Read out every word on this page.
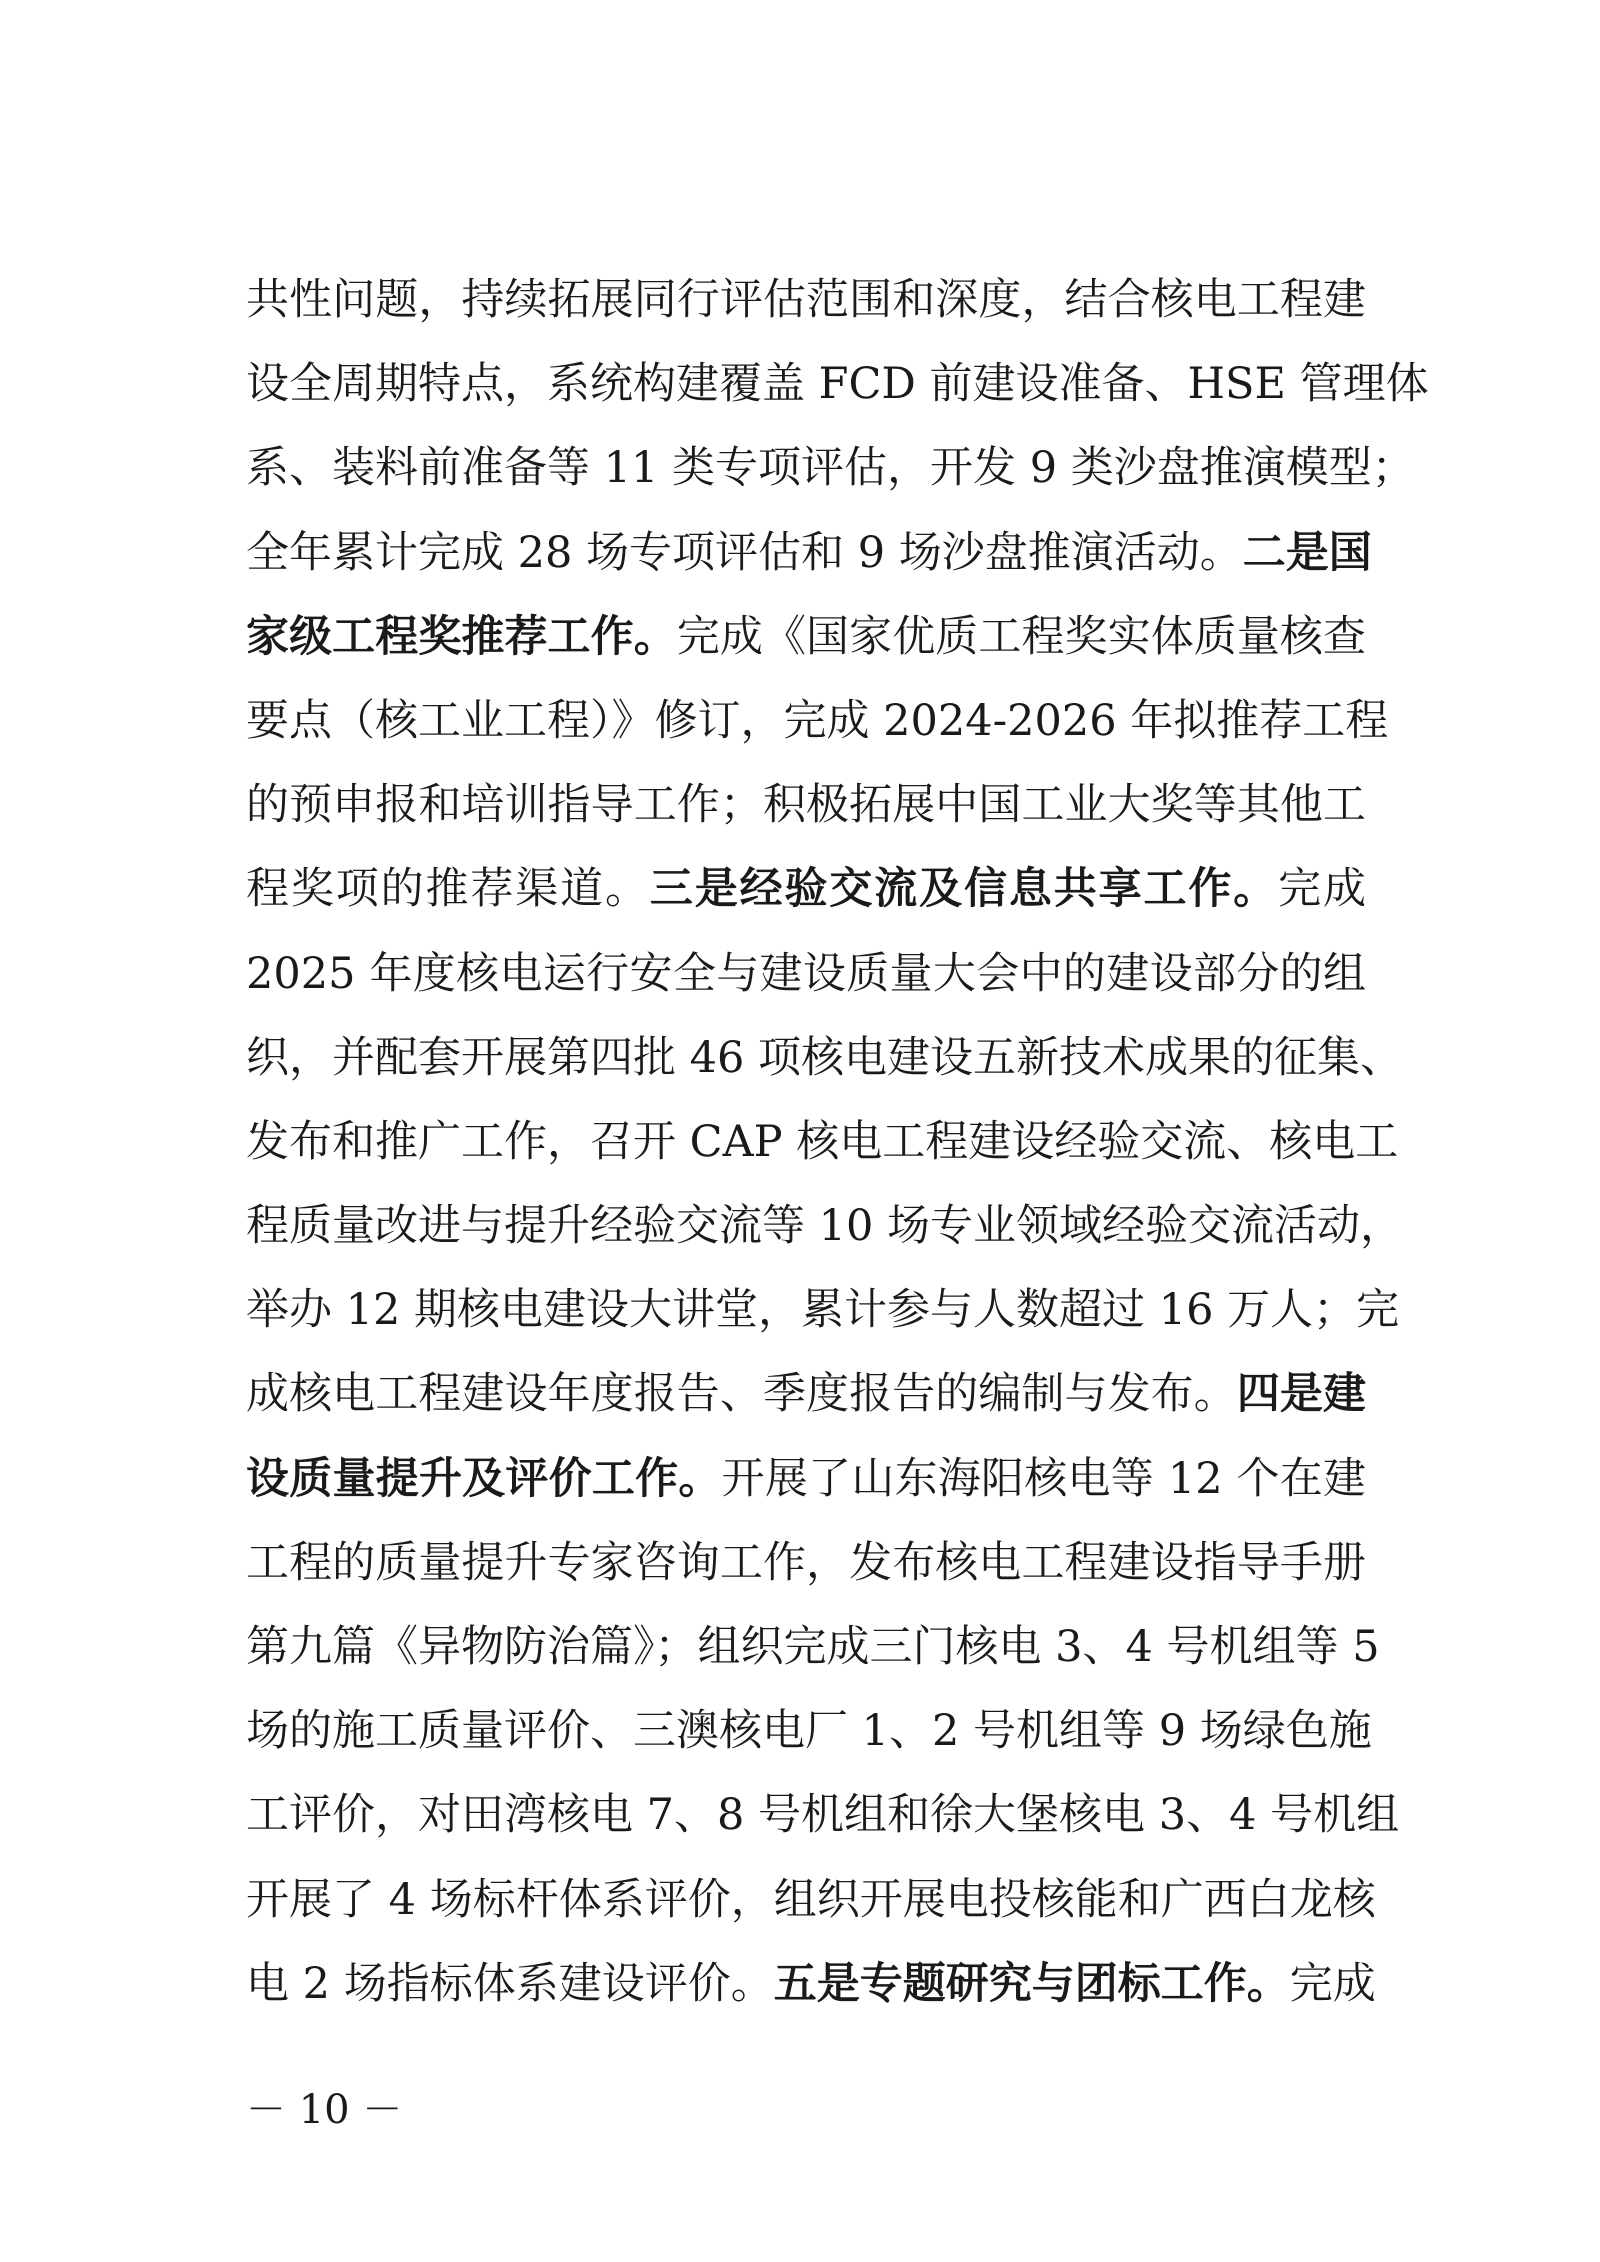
共性问题，持续拓展同行评估范围和深度，结合核电工程建
设全周期特点，系统构建覆盖 FCD 前建设准备、HSE 管理体
系、装料前准备等 11 类专项评估，开发 9 类沙盘推演模型；
全年累计完成 28 场专项评估和 9 场沙盘推演活动。二是国
家级工程奖推荐工作。完成《国家优质工程奖实体质量核查
要点（核工业工程）》修订，完成 2024-2026 年拟推荐工程
的预申报和培训指导工作；积极拓展中国工业大奖等其他工
程奖项的推荐渠道。三是经验交流及信息共享工作。完成
2025 年度核电运行安全与建设质量大会中的建设部分的组
织，并配套开展第四批 46 项核电建设五新技术成果的征集、
发布和推广工作，召开 CAP 核电工程建设经验交流、核电工
程质量改进与提升经验交流等 10 场专业领域经验交流活动，
举办 12 期核电建设大讲堂，累计参与人数超过 16 万人；完
成核电工程建设年度报告、季度报告的编制与发布。四是建
设质量提升及评价工作。开展了山东海阳核电等 12 个在建
工程的质量提升专家咨询工作，发布核电工程建设指导手册
第九篇《异物防治篇》；组织完成三门核电 3、4 号机组等 5
场的施工质量评价、三澳核电厂 1、2 号机组等 9 场绿色施
工评价，对田湾核电 7、8 号机组和徐大堡核电 3、4 号机组
开展了 4 场标杆体系评价，组织开展电投核能和广西白龙核
电 2 场指标体系建设评价。五是专题研究与团标工作。完成
－ 10 －
